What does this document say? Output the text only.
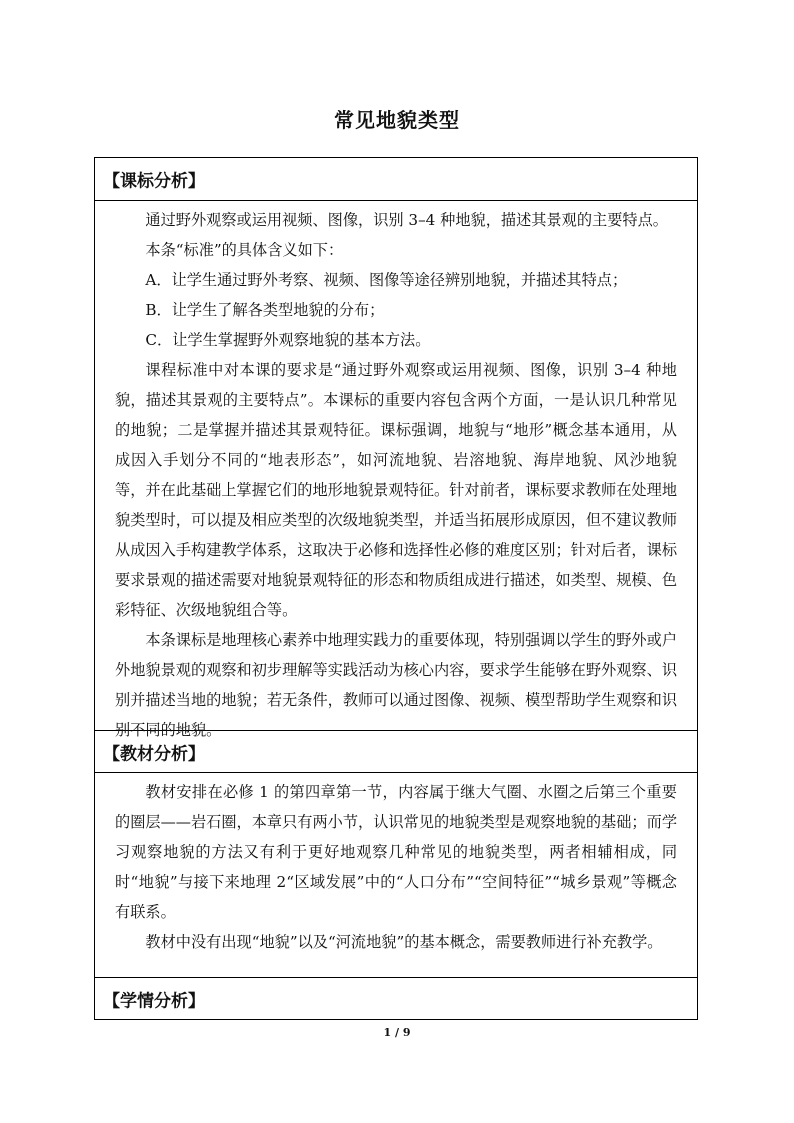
常见地貌类型
【课标分析】

通过野外观察或运用视频、图像，识别 3–4 种地貌，描述其景观的主要特点。

本条“标准”的具体含义如下：

A．让学生通过野外考察、视频、图像等途径辨别地貌，并描述其特点；

B．让学生了解各类型地貌的分布；

C．让学生掌握野外观察地貌的基本方法。

课程标准中对本课的要求是“通过野外观察或运用视频、图像，识别 3–4 种地貌，描述其景观的主要特点”。本课标的重要内容包含两个方面，一是认识几种常见的地貌；二是掌握并描述其景观特征。课标强调，地貌与“地形”概念基本通用，从成因入手划分不同的“地表形态”，如河流地貌、岩溶地貌、海岸地貌、风沙地貌等，并在此基础上掌握它们的地形地貌景观特征。针对前者，课标要求教师在处理地貌类型时，可以提及相应类型的次级地貌类型，并适当拓展形成原因，但不建议教师从成因入手构建教学体系，这取决于必修和选择性必修的难度区别；针对后者，课标要求景观的描述需要对地貌景观特征的形态和物质组成进行描述，如类型、规模、色彩特征、次级地貌组合等。

本条课标是地理核心素养中地理实践力的重要体现，特别强调以学生的野外或户外地貌景观的观察和初步理解等实践活动为核心内容，要求学生能够在野外观察、识别并描述当地的地貌；若无条件，教师可以通过图像、视频、模型帮助学生观察和识别不同的地貌。

【教材分析】

教材安排在必修 1 的第四章第一节，内容属于继大气圈、水圈之后第三个重要的圈层——岩石圈，本章只有两小节，认识常见的地貌类型是观察地貌的基础；而学习观察地貌的方法又有利于更好地观察几种常见的地貌类型，两者相辅相成，同时“地貌”与接下来地理 2“区域发展”中的“人口分布”“空间特征”“城乡景观”等概念有联系。

教材中没有出现“地貌”以及“河流地貌”的基本概念，需要教师进行补充教学。

【学情分析】
1 / 9
